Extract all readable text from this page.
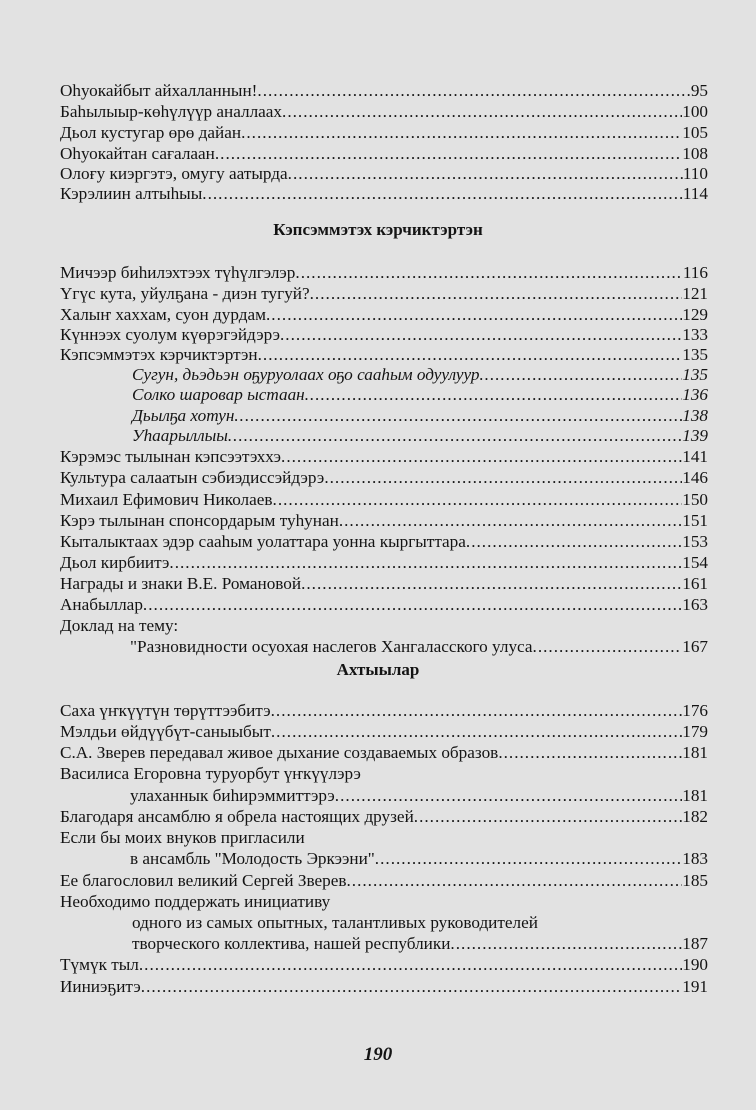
Оһуокайбыт айхалланнын! .....	95
Баһылыыр-көһүлүүр аналлаах .....	100
Дьол кустугар өрө дайан .....	105
Оһуокайтан сағалаан .....	108
Олоғу киэргэтэ, омугу аатырда .....	110
Кэрэлиин алтыһыы .....	114
Кэпсэммэтэх кэрчиктэртэн
Мичээр биһилэхтээх түһүлгэлэр .....	116
Үгүс кута, уйулҕана - диэн тугуй? .....	121
Халыҥ хаххам, суон дурдам .....	129
Күннээх суолум күөрэгэйдэрэ .....	133
Кэпсэммэтэх кэрчиктэртэн .....	135
Сугун, дьэдьэн оҕуруолаах оҕо сааһым одуулуур .....	135
Солко шаровар ыстаан .....	136
Дьылҕа хотун .....	138
Уһаарыллыы .....	139
Кэрэмэс тылынан кэпсээтэххэ .....	141
Культура салаатын сэбиэдиссэйдэрэ .....	146
Михаил Ефимович Николаев .....	150
Кэрэ тылынан спонсордарым туһунан .....	151
Кыталыктаах эдэр сааһым уолаттара уонна кыргыттара .....	153
Дьол кирбиитэ .....	154
Награды и знаки В.Е. Романовой .....	161
Анабыллар .....	163
Доклад на тему:
"Разновидности осуохая наслегов Хангаласского улуса .....	167
Ахтыылар
Саха үҥкүүтүн төрүттээбитэ .....	176
Мэлдьи өйдүүбүт-саныыбыт .....	179
С.А. Зверев передавал живое дыхание создаваемых образов .....	181
Василиса Егоровна туруорбут үҥкүүлэрэ
улаханнык биһирэммиттэрэ .....	181
Благодаря ансамблю я обрела настоящих друзей .....	182
Если бы моих внуков пригласили
в ансамбль "Молодость Эркээни" .....	183
Ее благословил великий Сергей Зверев .....	185
Необходимо поддержать инициативу
одного из самых опытных, талантливых руководителей
творческого коллектива, нашей республики .....	187
Түмүк тыл .....	190
Ииниэҕитэ .....	191
190
